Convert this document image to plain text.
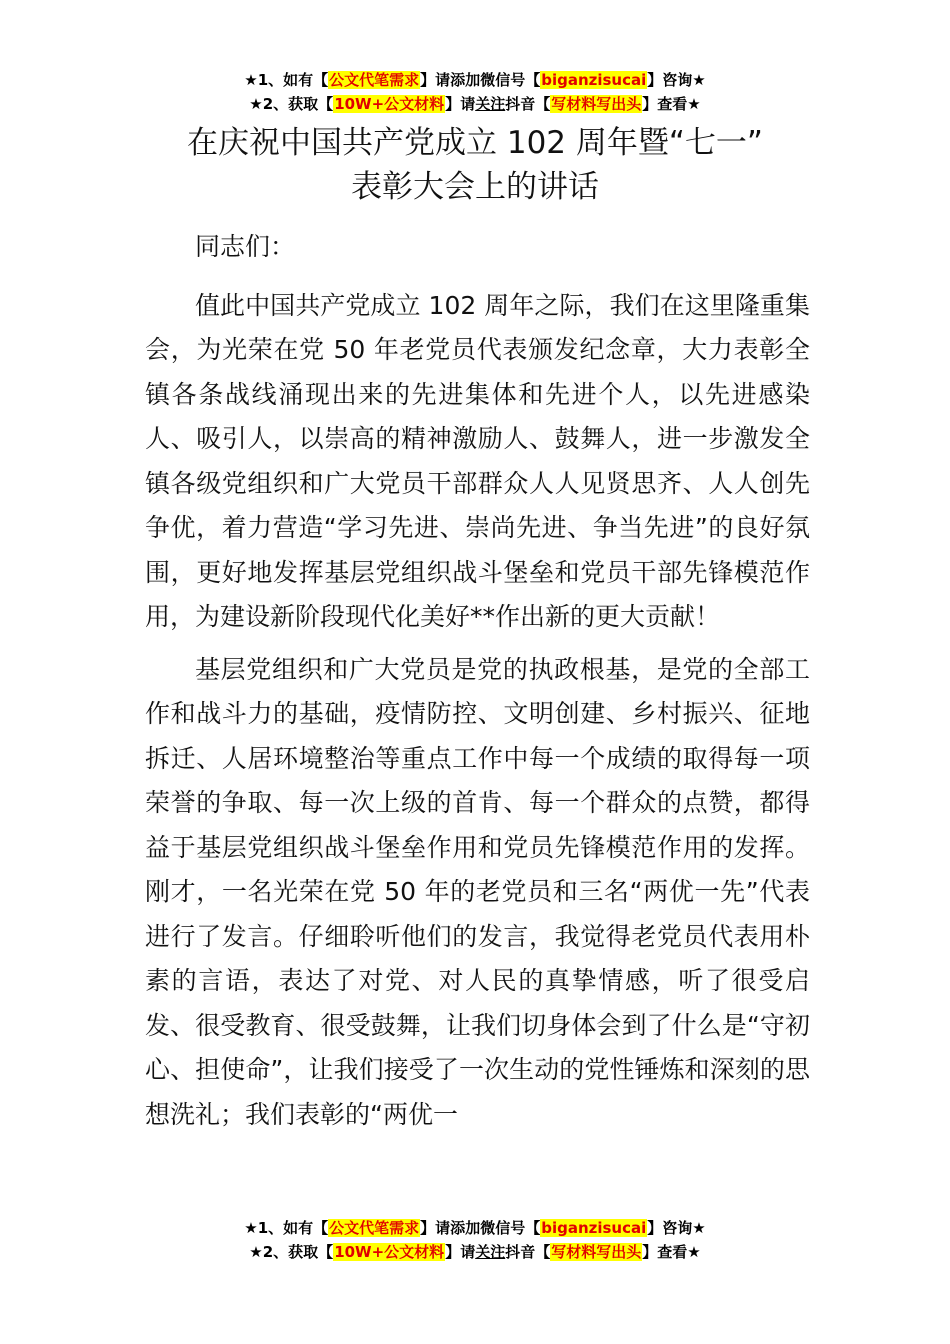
★1、如有【公文代笔需求】请添加微信号【biganzisucai】咨询★
★2、获取【10W+公文材料】请关注抖音【写材料写出头】查看★
在庆祝中国共产党成立 102 周年暨“七一”
表彰大会上的讲话

同志们：

值此中国共产党成立 102 周年之际，我们在这里隆重集会，为光荣在党 50 年老党员代表颁发纪念章，大力表彰全镇各条战线涌现出来的先进集体和先进个人，以先进感染人、吸引人，以崇高的精神激励人、鼓舞人，进一步激发全镇各级党组织和广大党员干部群众人人见贤思齐、人人创先争优，着力营造“学习先进、崇尚先进、争当先进”的良好氛围，更好地发挥基层党组织战斗堡垒和党员干部先锋模范作用，为建设新阶段现代化美好**作出新的更大贡献！

基层党组织和广大党员是党的执政根基，是党的全部工作和战斗力的基础，疫情防控、文明创建、乡村振兴、征地拆迁、人居环境整治等重点工作中每一个成绩的取得每一项荣誉的争取、每一次上级的首肯、每一个群众的点赞，都得益于基层党组织战斗堡垒作用和党员先锋模范作用的发挥。刚才，一名光荣在党 50 年的老党员和三名“两优一先”代表进行了发言。仔细聆听他们的发言，我觉得老党员代表用朴素的言语，表达了对党、对人民的真挚情感，听了很受启发、很受教育、很受鼓舞，让我们切身体会到了什么是“守初心、担使命”，让我们接受了一次生动的党性锤炼和深刻的思想洗礼；我们表彰的“两优一

★1、如有【公文代笔需求】请添加微信号【biganzisucai】咨询★
★2、获取【10W+公文材料】请关注抖音【写材料写出头】查看★
